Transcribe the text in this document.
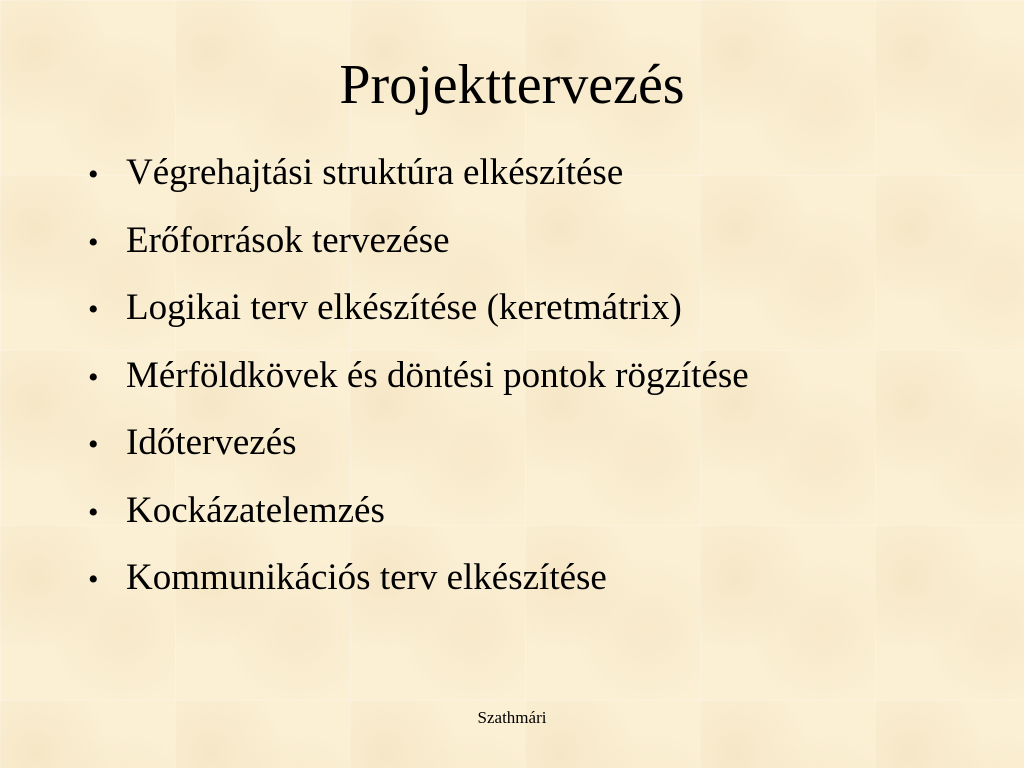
Projekttervezés
• Végrehajtási struktúra elkészítése
• Erőforrások tervezése
• Logikai terv elkészítése (keretmátrix)
• Mérföldkövek és döntési pontok rögzítése
• Időtervezés
• Kockázatelemzés
• Kommunikációs terv elkészítése
Szathmári
